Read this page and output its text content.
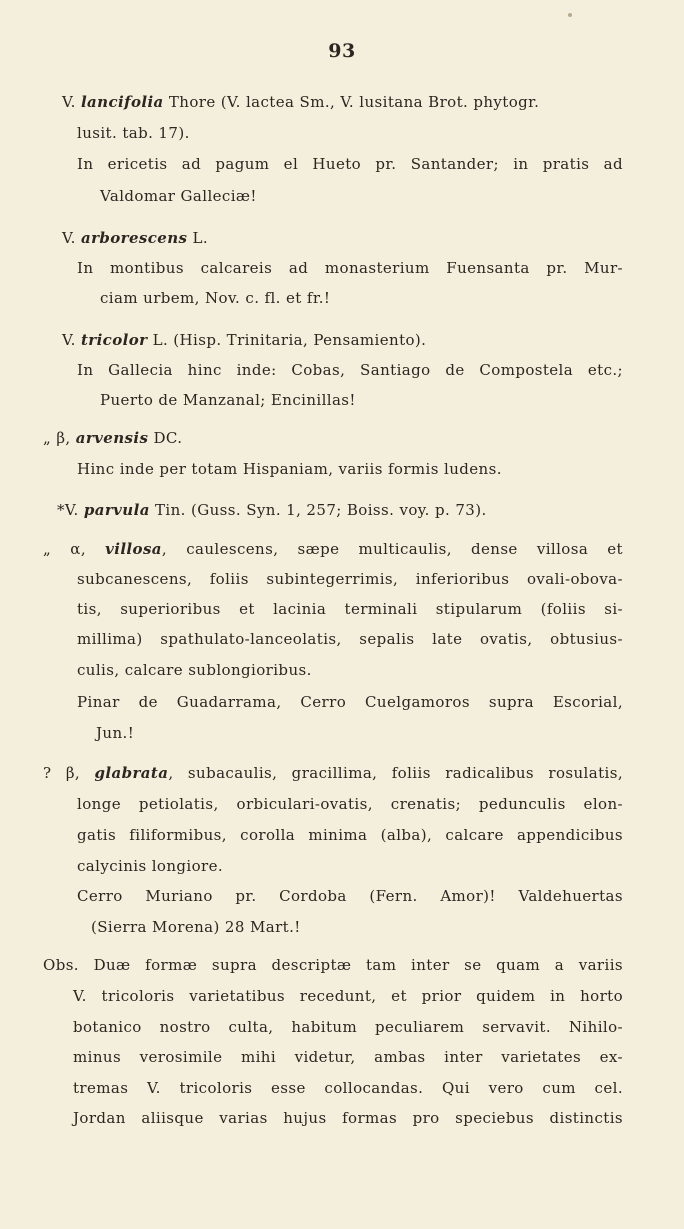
93
V. lancifolia Thore (V. lactea Sm., V. lusitana Brot. phytogr.
lusit. tab. 17).
In ericetis ad pagum el Hueto pr. Santander; in pratis ad
Valdomar Galleciæ!
V. arborescens L.
In montibus calcareis ad monasterium Fuensanta pr. Mur-
ciam urbem, Nov. c. fl. et fr.!
V. tricolor L. (Hisp. Trinitaria, Pensamiento).
In Gallecia hinc inde: Cobas, Santiago de Compostela etc.;
Puerto de Manzanal; Encinillas!
„ β, arvensis DC.
Hinc inde per totam Hispaniam, variis formis ludens.
*V. parvula Tin. (Guss. Syn. 1, 257; Boiss. voy. p. 73).
„ α, villosa, caulescens, sæpe multicaulis, dense villosa et
subcanescens, foliis subintegerrimis, inferioribus ovali-obova-
tis, superioribus et lacinia terminali stipularum (foliis si-
millima) spathulato-lanceolatis, sepalis late ovatis, obtusius-
culis, calcare sublongioribus.
Pinar de Guadarrama, Cerro Cuelgamoros supra Escorial,
Jun.!
? β, glabrata, subacaulis, gracillima, foliis radicalibus rosulatis,
longe petiolatis, orbiculari-ovatis, crenatis; pedunculis elon-
gatis filiformibus, corolla minima (alba), calcare appendicibus
calycinis longiore.
Cerro Muriano pr. Cordoba (Fern. Amor)! Valdehuertas
(Sierra Morena) 28 Mart.!
Obs. Duæ formæ supra descriptæ tam inter se quam a variis
V. tricoloris varietatibus recedunt, et prior quidem in horto
botanico nostro culta, habitum peculiarem servavit. Nihilo-
minus verosimile mihi videtur, ambas inter varietates ex-
tremas V. tricoloris esse collocandas. Qui vero cum cel.
Jordan aliisque varias hujus formas pro speciebus distinctis
